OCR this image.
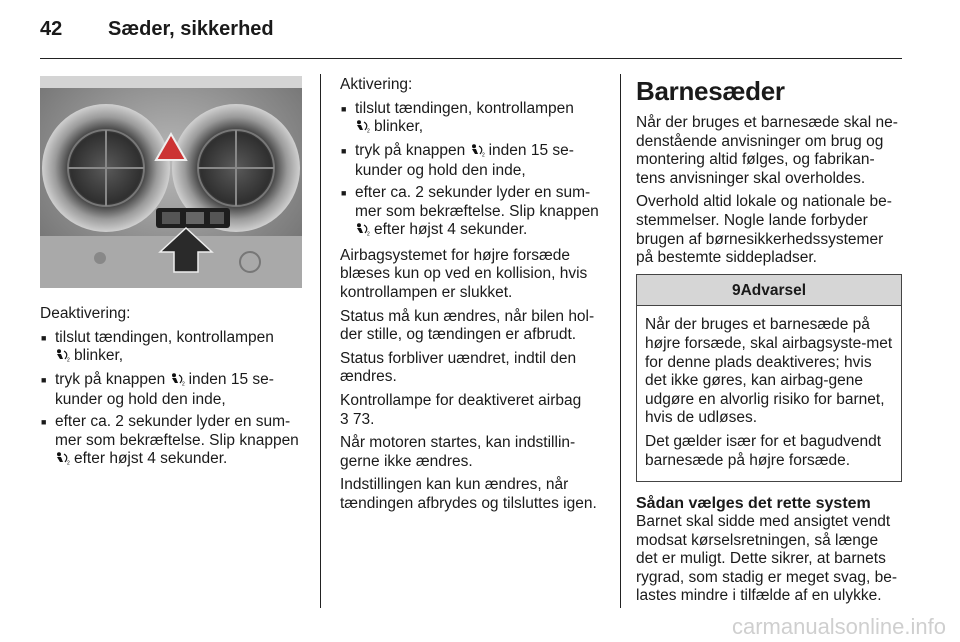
42 Sæder, sikkerhed

Deaktivering:

■ tilslut tændingen, kontrollampen

2 blinker,
■ tryk på knappen	2 inden 15 se-kunder og hold den inde,
■ efter ca. 2 sekunder lyder en sum-mer som bekræftelse. Slip knappen
2 efter højst 4 sekunder.

Aktivering:

■ tilslut tændingen, kontrollampen

2 blinker,
■ tryk på knappen	2 inden 15 se-kunder og hold den inde,
■ efter ca. 2 sekunder lyder en sum-mer som bekræftelse. Slip knappen
2 efter højst 4 sekunder.

Airbagsystemet for højre forsæde blæses kun op ved en kollision, hvis kontrollampen er slukket.

Status må kun ændres, når bilen hol-der stille, og tændingen er afbrudt.

Status forbliver uændret, indtil den ændres.

Kontrollampe for deaktiveret airbag
3 73.

Når motoren startes, kan indstillin-gerne ikke ændres.

Indstillingen kan kun ændres, når tændingen afbrydes og tilsluttes igen.

Barnesæder

Når der bruges et barnesæde skal ne-denstående anvisninger om brug og montering altid følges, og fabrikan-tens anvisninger skal overholdes.

Overhold altid lokale og nationale be-stemmelser. Nogle lande forbyder brugen af børnesikkerhedssystemer på bestemte siddepladser.

9Advarsel

Når der bruges et barnesæde på højre forsæde, skal airbagsyste-met for denne plads deaktiveres; hvis det ikke gøres, kan airbag-gene udgøre en alvorlig risiko for barnet, hvis de udløses.

Det gælder især for et bagudvendt barnesæde på højre forsæde.

Sådan vælges det rette system

Barnet skal sidde med ansigtet vendt modsat kørselsretningen, så længe det er muligt. Dette sikrer, at barnets rygrad, som stadig er meget svag, be-lastes mindre i tilfælde af en ulykke.

carmanualsonline.info
